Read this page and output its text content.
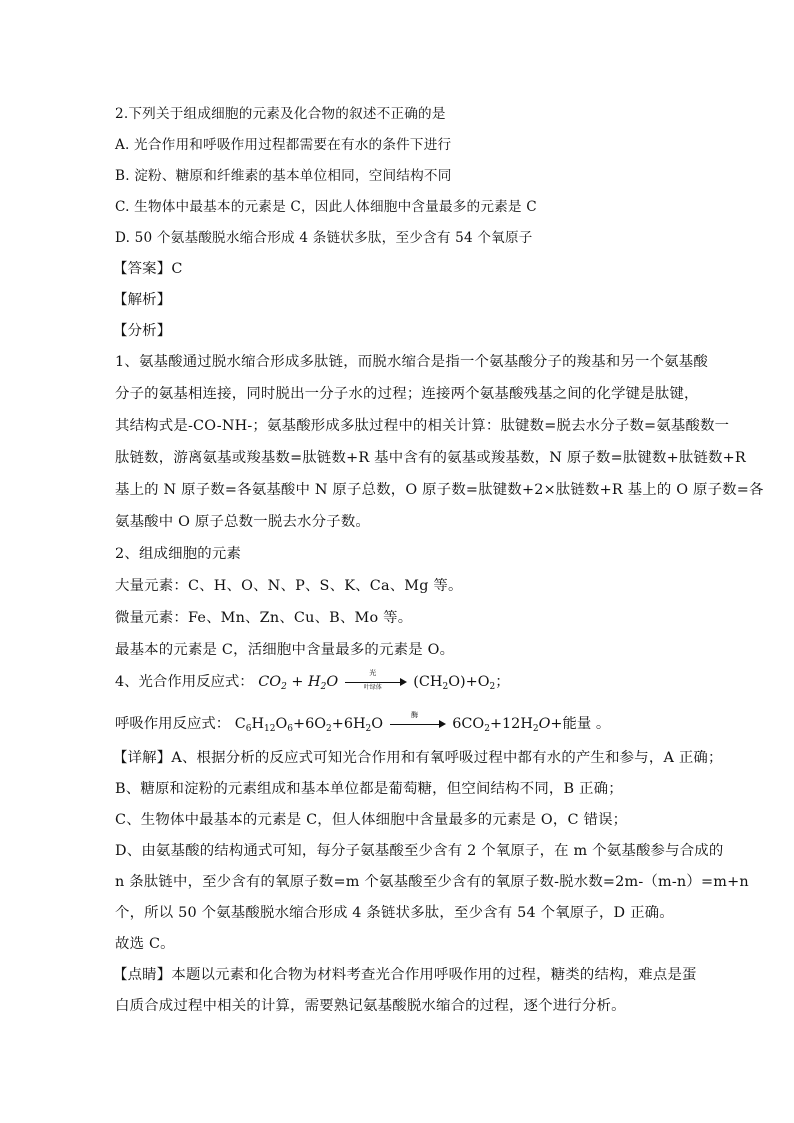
2.下列关于组成细胞的元素及化合物的叙述不正确的是
A. 光合作用和呼吸作用过程都需要在有水的条件下进行
B. 淀粉、糖原和纤维素的基本单位相同，空间结构不同
C. 生物体中最基本的元素是 C，因此人体细胞中含量最多的元素是 C
D. 50 个氨基酸脱水缩合形成 4 条链状多肽，至少含有 54 个氧原子
【答案】C
【解析】
【分析】
1、氨基酸通过脱水缩合形成多肽链，而脱水缩合是指一个氨基酸分子的羧基和另一个氨基酸
分子的氨基相连接，同时脱出一分子水的过程；连接两个氨基酸残基之间的化学键是肽键，
其结构式是-CO-NH-；氨基酸形成多肽过程中的相关计算：肽键数=脱去水分子数=氨基酸数一
肽链数，游离氨基或羧基数=肽链数+R 基中含有的氨基或羧基数，N 原子数=肽键数+肽链数+R
基上的 N 原子数=各氨基酸中 N 原子总数，O 原子数=肽键数+2×肽链数+R 基上的 O 原子数=各
氨基酸中 O 原子总数一脱去水分子数。
2、组成细胞的元素
大量元素：C、H、O、N、P、S、K、Ca、Mg 等。
微量元素：Fe、Mn、Zn、Cu、B、Mo 等。
最基本的元素是 C，活细胞中含量最多的元素是 O。
4、光合作用反应式： $CO_2 + H_2O$
光
叶绿体	$(CH_2O)+O_2$；
呼吸作用反应式： $C_6H_{12}O_6+6O_2+6H_2O$
酶
$6CO_2+12H_2O+$能量 。
【详解】A、根据分析的反应式可知光合作用和有氧呼吸过程中都有水的产生和参与，A 正确；
B、糖原和淀粉的元素组成和基本单位都是葡萄糖，但空间结构不同，B 正确；
C、生物体中最基本的元素是 C，但人体细胞中含量最多的元素是 O，C 错误；
D、由氨基酸的结构通式可知，每分子氨基酸至少含有 2 个氧原子，在 m 个氨基酸参与合成的
n 条肽链中，至少含有的氧原子数=m 个氨基酸至少含有的氧原子数-脱水数=2m-（m-n）=m+n
个，所以 50 个氨基酸脱水缩合形成 4 条链状多肽，至少含有 54 个氧原子，D 正确。
故选 C。
【点睛】本题以元素和化合物为材料考查光合作用呼吸作用的过程，糖类的结构，难点是蛋
白质合成过程中相关的计算，需要熟记氨基酸脱水缩合的过程，逐个进行分析。
